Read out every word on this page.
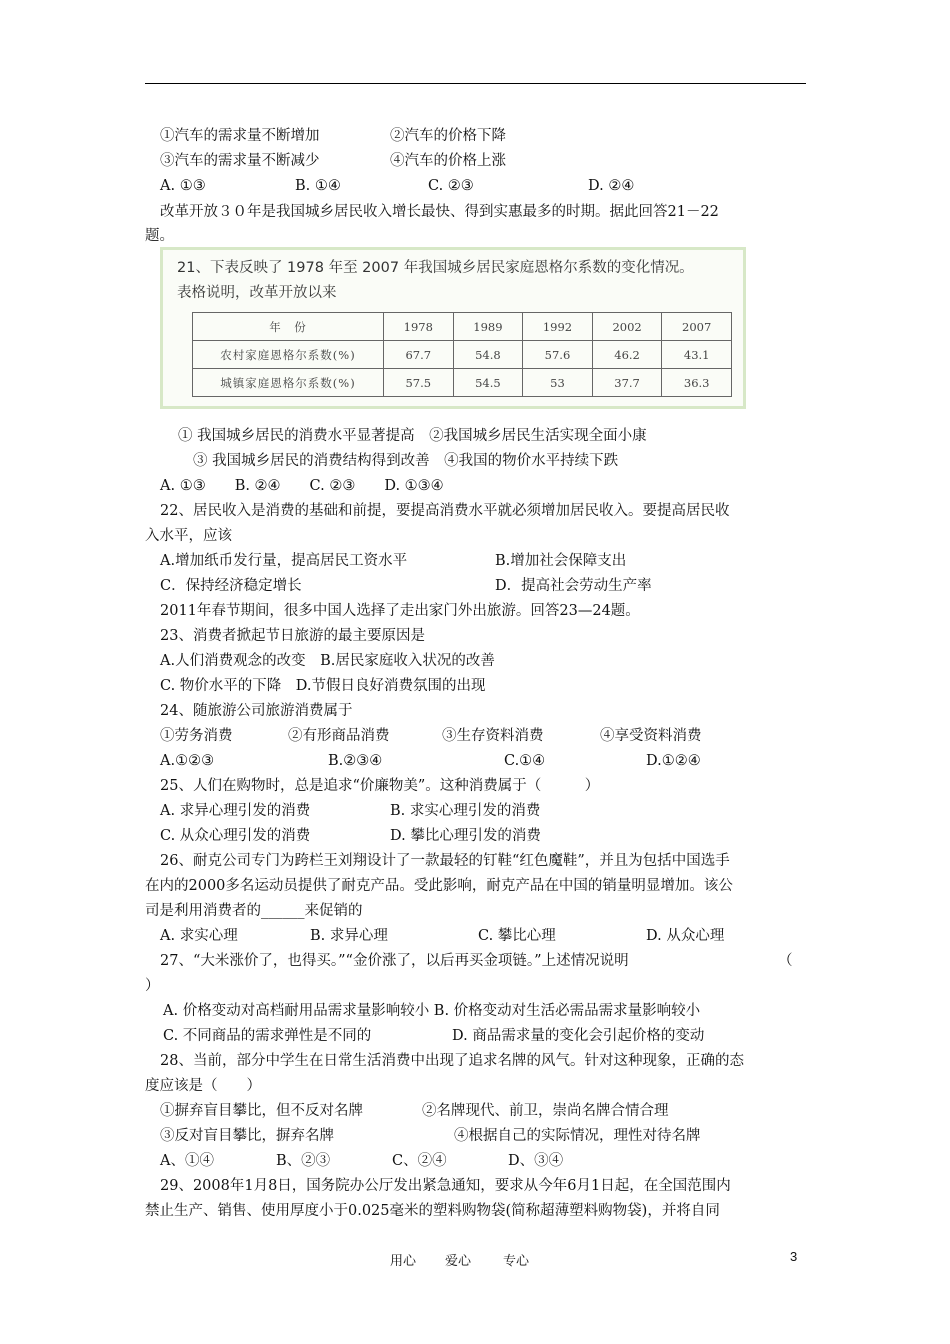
①汽车的需求量不断增加	②汽车的价格下降
③汽车的需求量不断减少	④汽车的价格上涨
A. ①③	B. ①④	C. ②③	D. ②④
改革开放３０年是我国城乡居民收入增长最快、得到实惠最多的时期。据此回答21－22
题。
21、下表反映了 1978 年至 2007 年我国城乡居民家庭恩格尔系数的变化情况。
表格说明，改革开放以来
年　份	1978	1989	1992	2002	2007
农村家庭恩格尔系数(%)	67.7	54.8	57.6	46.2	43.1
城镇家庭恩格尔系数(%)	57.5	54.5	53	37.7	36.3
① 我国城乡居民的消费水平显著提高　②我国城乡居民生活实现全面小康
③ 我国城乡居民的消费结构得到改善　④我国的物价水平持续下跌
A. ①③　　B. ②④　　C. ②③　　D. ①③④
22、居民收入是消费的基础和前提，要提高消费水平就必须增加居民收入。要提高居民收
入水平，应该
A.增加纸币发行量，提高居民工资水平	B.增加社会保障支出
C．保持经济稳定增长	D．提高社会劳动生产率
2011年春节期间，很多中国人选择了走出家门外出旅游。回答23—24题。
23、消费者掀起节日旅游的最主要原因是
A.人们消费观念的改变　B.居民家庭收入状况的改善
C. 物价水平的下降　D.节假日良好消费氛围的出现
24、随旅游公司旅游消费属于
①劳务消费	②有形商品消费	③生存资料消费	④享受资料消费
A.①②③	B.②③④	C.①④	D.①②④
25、人们在购物时，总是追求“价廉物美”。这种消费属于（　　　）
A. 求异心理引发的消费	B. 求实心理引发的消费
C. 从众心理引发的消费	D. 攀比心理引发的消费
26、耐克公司专门为跨栏王刘翔设计了一款最轻的钉鞋“红色魔鞋”，并且为包括中国选手
在内的2000多名运动员提供了耐克产品。受此影响，耐克产品在中国的销量明显增加。该公
司是利用消费者的______来促销的
A. 求实心理	B. 求异心理	C. 攀比心理	D. 从众心理
27、“大米涨价了，也得买。”“金价涨了，以后再买金项链。”上述情况说明	（
）
A. 价格变动对高档耐用品需求量影响较小 B. 价格变动对生活必需品需求量影响较小
C. 不同商品的需求弹性是不同的	D. 商品需求量的变化会引起价格的变动
28、当前，部分中学生在日常生活消费中出现了追求名牌的风气。针对这种现象，正确的态
度应该是（　　）
①摒弃盲目攀比，但不反对名牌	②名牌现代、前卫，崇尚名牌合情合理
③反对盲目攀比，摒弃名牌	④根据自己的实际情况，理性对待名牌
A、①④	B、②③	C、②④	D、③④
29、2008年1月8日，国务院办公厅发出紧急通知，要求从今年6月1日起，在全国范围内
禁止生产、销售、使用厚度小于0.025毫米的塑料购物袋(简称超薄塑料购物袋)，并将自同
用心 爱心 专心	3
